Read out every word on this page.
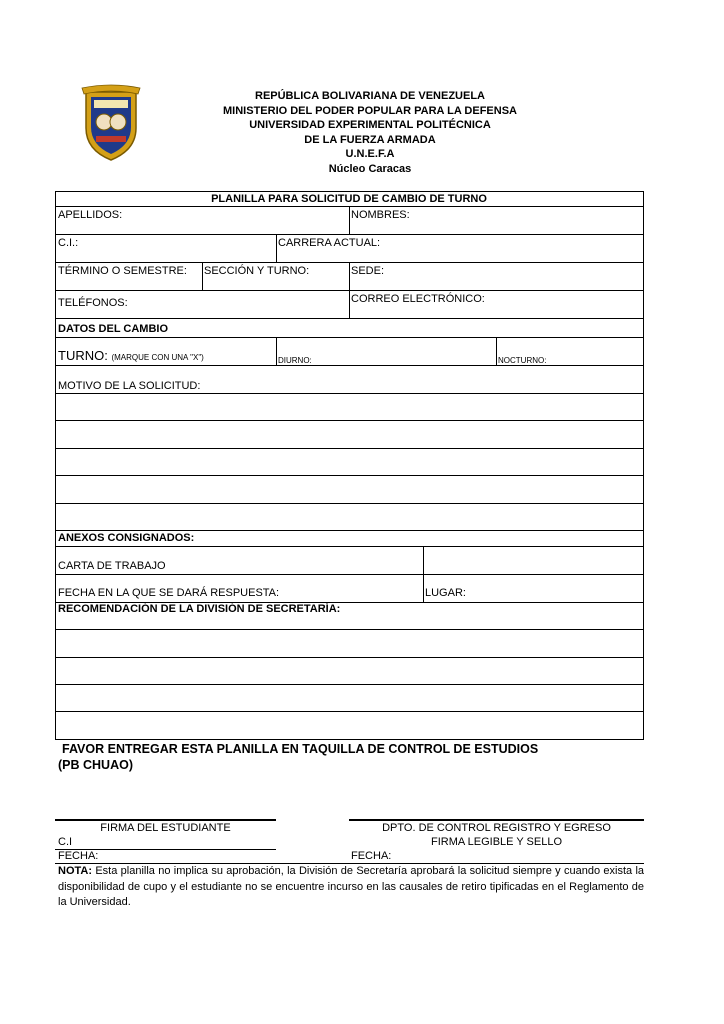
REPÚBLICA BOLIVARIANA DE VENEZUELA
MINISTERIO DEL PODER POPULAR PARA LA DEFENSA
UNIVERSIDAD EXPERIMENTAL POLITÉCNICA
DE LA FUERZA ARMADA
U.N.E.F.A
Núcleo Caracas
PLANILLA PARA SOLICITUD DE CAMBIO DE TURNO
APELLIDOS:	NOMBRES:
C.I.:	CARRERA ACTUAL:
TÉRMINO O SEMESTRE: SECCIÓN Y TURNO:	SEDE:
TELÉFONOS:	CORREO ELECTRÓNICO:
DATOS DEL CAMBIO
TURNO: (MARQUE CON UNA "X")	DIURNO:	NOCTURNO:
MOTIVO DE LA SOLICITUD:
ANEXOS CONSIGNADOS:
CARTA DE TRABAJO
FECHA EN LA QUE SE DARÁ RESPUESTA:	LUGAR:
RECOMENDACIÓN DE LA DIVISIÓN DE SECRETARÍA:
FAVOR ENTREGAR ESTA PLANILLA EN TAQUILLA DE CONTROL DE ESTUDIOS
(PB CHUAO)
FIRMA DEL ESTUDIANTE
C.I
FECHA:
DPTO. DE CONTROL REGISTRO Y EGRESO
FIRMA LEGIBLE Y SELLO
FECHA:
NOTA: Esta planilla no implica su aprobación, la División de Secretaría aprobará la solicitud siempre y cuando exista la disponibilidad de cupo y el estudiante no se encuentre incurso en las causales de retiro tipificadas en el Reglamento de la Universidad.
